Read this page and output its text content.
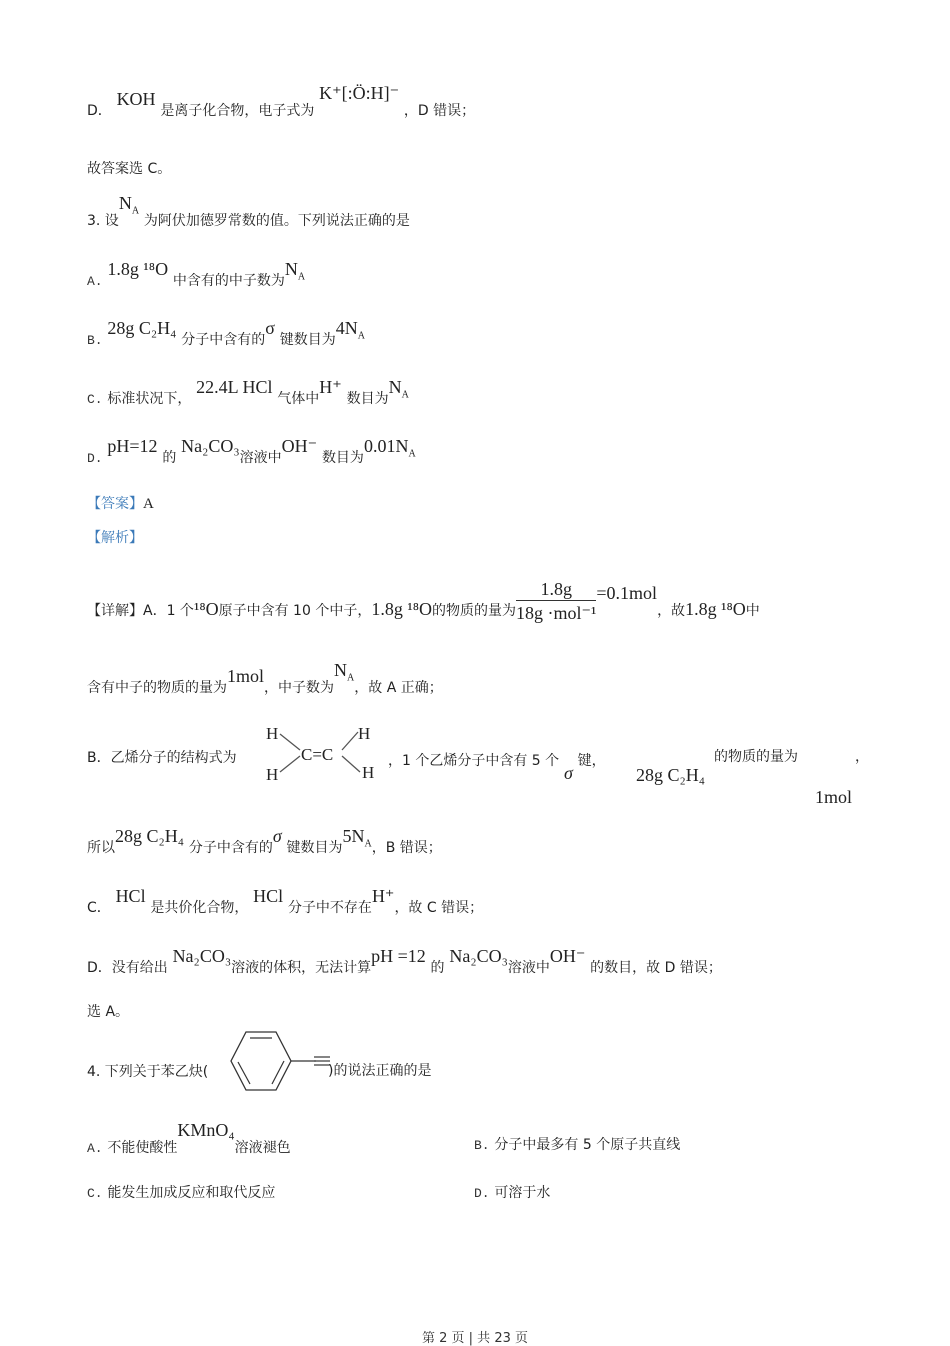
D． KOH 是离子化合物，电子式为 K⁺[:Ö:H]⁻ ，D 错误；
故答案选 C。
3. 设$N_A$ 为阿伏加德罗常数的值。下列说法正确的是
A. 1.8g ¹⁸O 中含有的中子数为$N_A$
B. 28g C₂H₄ 分子中含有的σ 键数目为$4N_A$
C. 标准状况下， 22.4L HCl 气体中H⁺ 数目为$N_A$
D. pH=12 的 Na₂CO₃溶液中OH⁻ 数目为$0.01N_A$
【答案】A
【解析】
【详解】A．1 个¹⁸O原子中含有 10 个中子，1.8g ¹⁸O的物质的量为 $\frac{1.8g}{\text{18g ·mol⁻¹}} =0.1mol$，故1.8g ¹⁸O中
含有中子的物质的量为1mol，中子数为$N_A$，故 A 正确；
B．乙烯分子的结构式为
H
H
C=C
H
H
，1 个乙烯分子中含有 5 个 σ 键，
28g C₂H₄
的物质的量为
1mol
，
所以28g C₂H₄ 分子中含有的σ 键数目为$5N_A$，B 错误；
C． HCl 是共价化合物， HCl 分子中不存在H⁺，故 C 错误；
D．没有给出 Na₂CO₃溶液的体积，无法计算pH =12 的 Na₂CO₃溶液中OH⁻ 的数目，故 D 错误；
选 A。
4. 下列关于苯乙炔(	)的说法正确的是
A. 不能使酸性KMnO₄溶液褪色	B. 分子中最多有 5 个原子共直线
C. 能发生加成反应和取代反应	D. 可溶于水
第 2 页 | 共 23 页
